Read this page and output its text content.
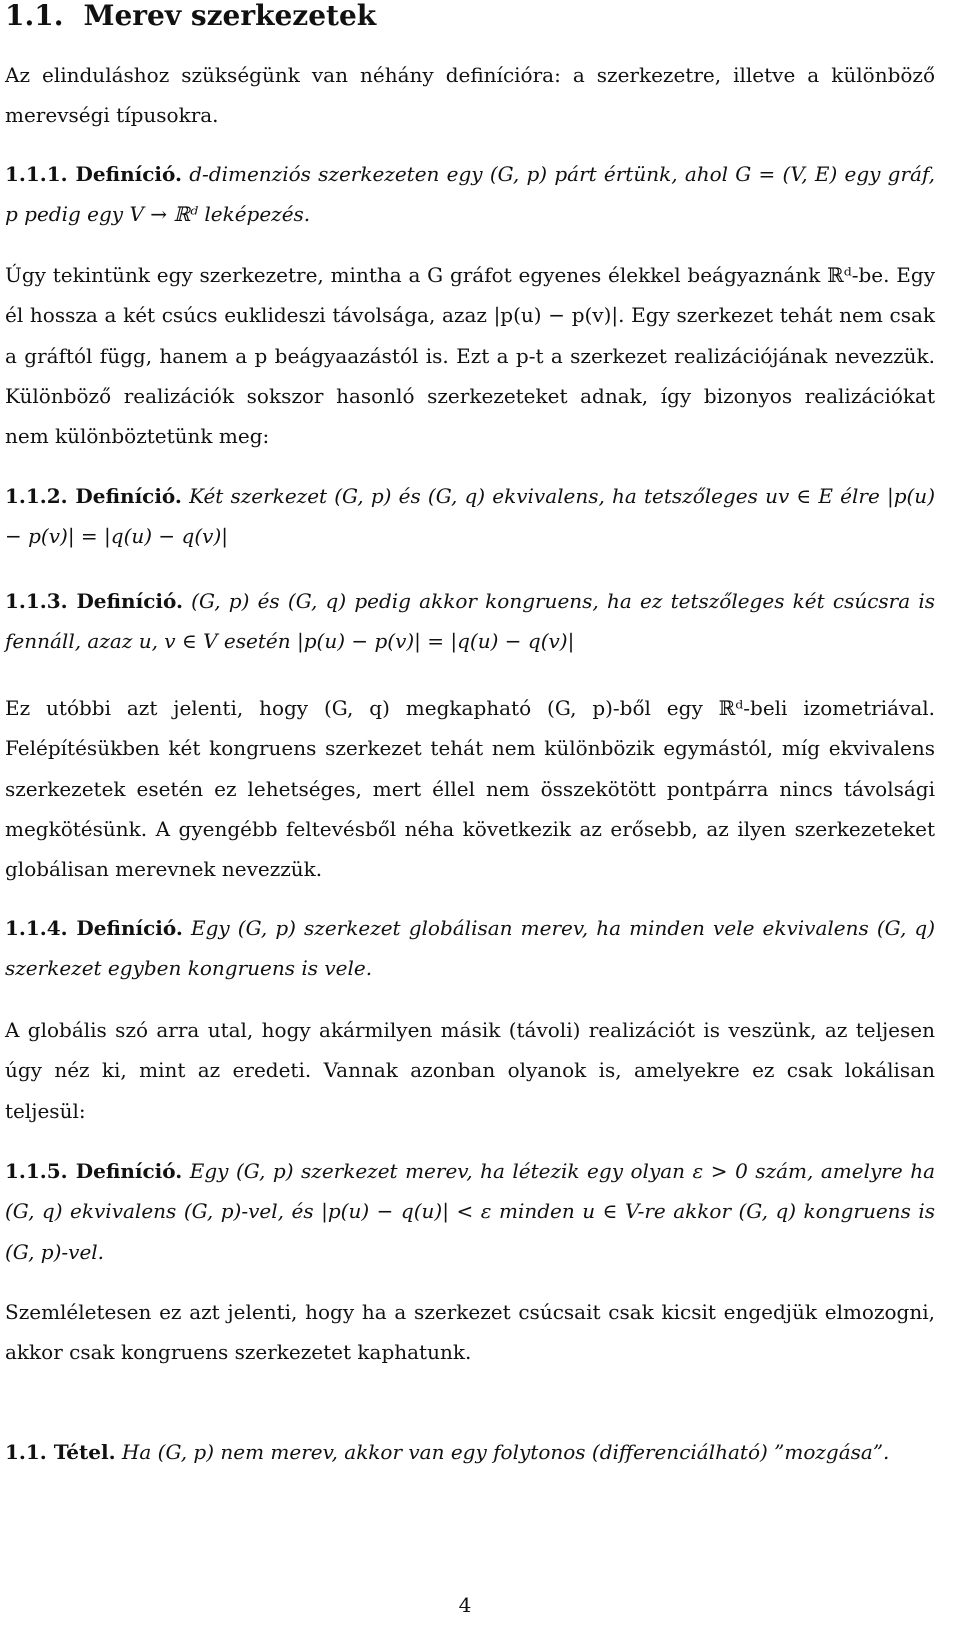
1.1. Merev szerkezetek

Az elinduláshoz szükségünk van néhány definícióra: a szerkezetre, illetve a különböző merevségi típusokra.

1.1.1. Definíció. d-dimenziós szerkezeten egy (G, p) párt értünk, ahol G = (V, E) egy gráf, p pedig egy V → ℝᵈ leképezés.

Úgy tekintünk egy szerkezetre, mintha a G gráfot egyenes élekkel beágyaznánk ℝᵈ-be. Egy él hossza a két csúcs euklideszi távolsága, azaz |p(u) − p(v)|. Egy szerkezet tehát nem csak a gráftól függ, hanem a p beágyaazástól is. Ezt a p-t a szerkezet realizációjának nevezzük. Különböző realizációk sokszor hasonló szerkezeteket adnak, így bizonyos realizációkat nem különböztetünk meg:

1.1.2. Definíció. Két szerkezet (G, p) és (G, q) ekvivalens, ha tetszőleges uv ∈ E élre |p(u) − p(v)| = |q(u) − q(v)|

1.1.3. Definíció. (G, p) és (G, q) pedig akkor kongruens, ha ez tetszőleges két csúcsra is fennáll, azaz u, v ∈ V esetén |p(u) − p(v)| = |q(u) − q(v)|

Ez utóbbi azt jelenti, hogy (G, q) megkapható (G, p)-ből egy ℝᵈ-beli izometriával. Felépítésükben két kongruens szerkezet tehát nem különbözik egymástól, míg ekvivalens szerkezetek esetén ez lehetséges, mert éllel nem összekötött pontpárra nincs távolsági megkötésünk. A gyengébb feltevésből néha következik az erősebb, az ilyen szerkezeteket globálisan merevnek nevezzük.

1.1.4. Definíció. Egy (G, p) szerkezet globálisan merev, ha minden vele ekvivalens (G, q) szerkezet egyben kongruens is vele.

A globális szó arra utal, hogy akármilyen másik (távoli) realizációt is veszünk, az teljesen úgy néz ki, mint az eredeti. Vannak azonban olyanok is, amelyekre ez csak lokálisan teljesül:

1.1.5. Definíció. Egy (G, p) szerkezet merev, ha létezik egy olyan ε > 0 szám, amelyre ha (G, q) ekvivalens (G, p)-vel, és |p(u) − q(u)| < ε minden u ∈ V-re akkor (G, q) kongruens is (G, p)-vel.

Szemléletesen ez azt jelenti, hogy ha a szerkezet csúcsait csak kicsit engedjük elmozogni, akkor csak kongruens szerkezetet kaphatunk.

1.1. Tétel. Ha (G, p) nem merev, akkor van egy folytonos (differenciálható) ”mozgása”.

4
